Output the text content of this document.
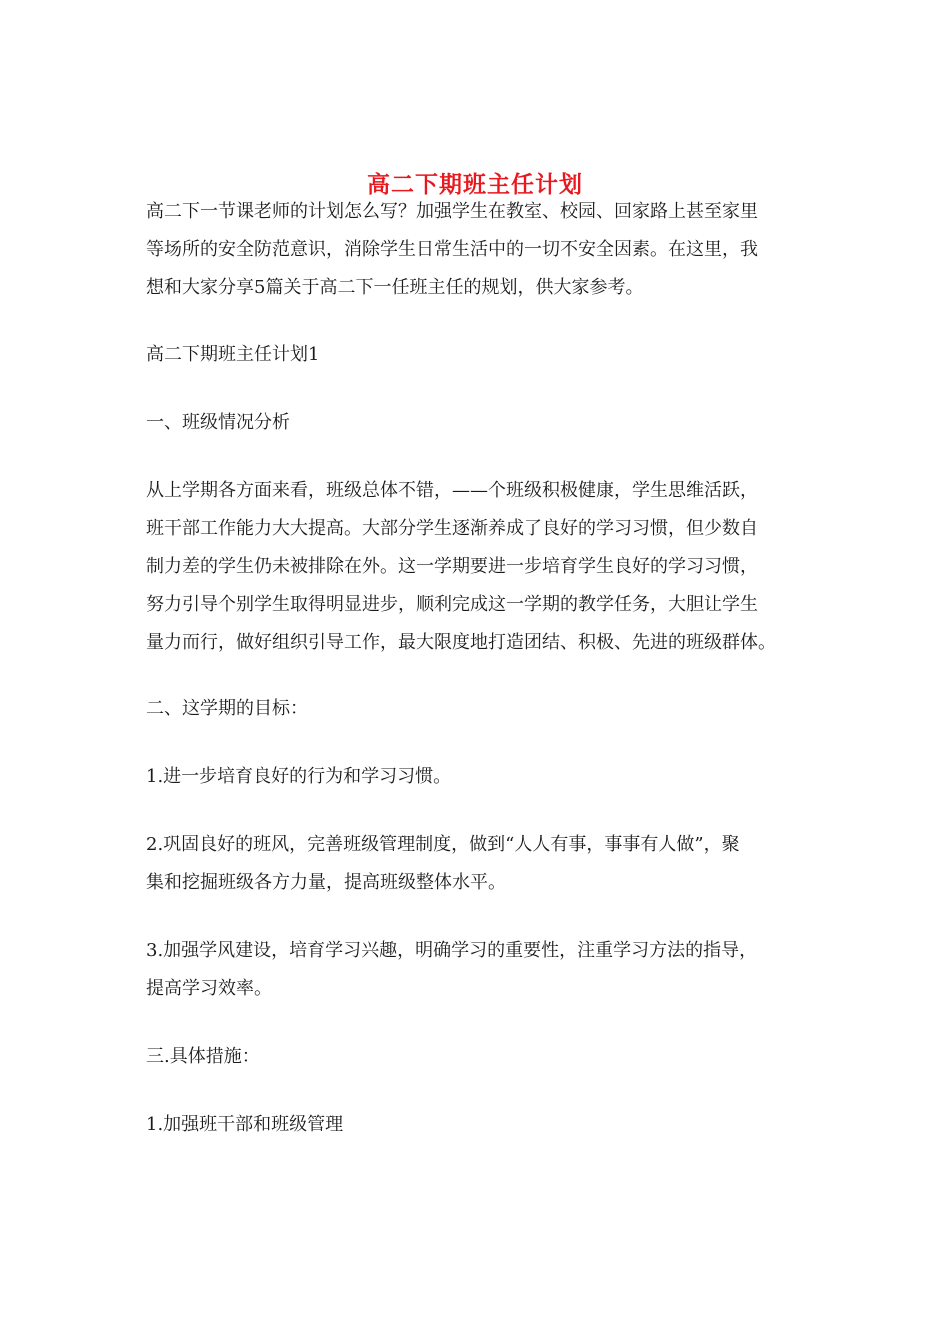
高二下期班主任计划

高二下一节课老师的计划怎么写？加强学生在教室、校园、回家路上甚至家里
等场所的安全防范意识，消除学生日常生活中的一切不安全因素。在这里，我
想和大家分享5篇关于高二下一任班主任的规划，供大家参考。

高二下期班主任计划1

一、班级情况分析

从上学期各方面来看，班级总体不错，——个班级积极健康，学生思维活跃，
班干部工作能力大大提高。大部分学生逐渐养成了良好的学习习惯，但少数自
制力差的学生仍未被排除在外。这一学期要进一步培育学生良好的学习习惯，
努力引导个别学生取得明显进步，顺利完成这一学期的教学任务，大胆让学生
量力而行，做好组织引导工作，最大限度地打造团结、积极、先进的班级群体。

二、这学期的目标：

1.进一步培育良好的行为和学习习惯。

2.巩固良好的班风，完善班级管理制度，做到“人人有事，事事有人做”，聚
集和挖掘班级各方力量，提高班级整体水平。

3.加强学风建设，培育学习兴趣，明确学习的重要性，注重学习方法的指导，
提高学习效率。

三.具体措施：

1.加强班干部和班级管理
